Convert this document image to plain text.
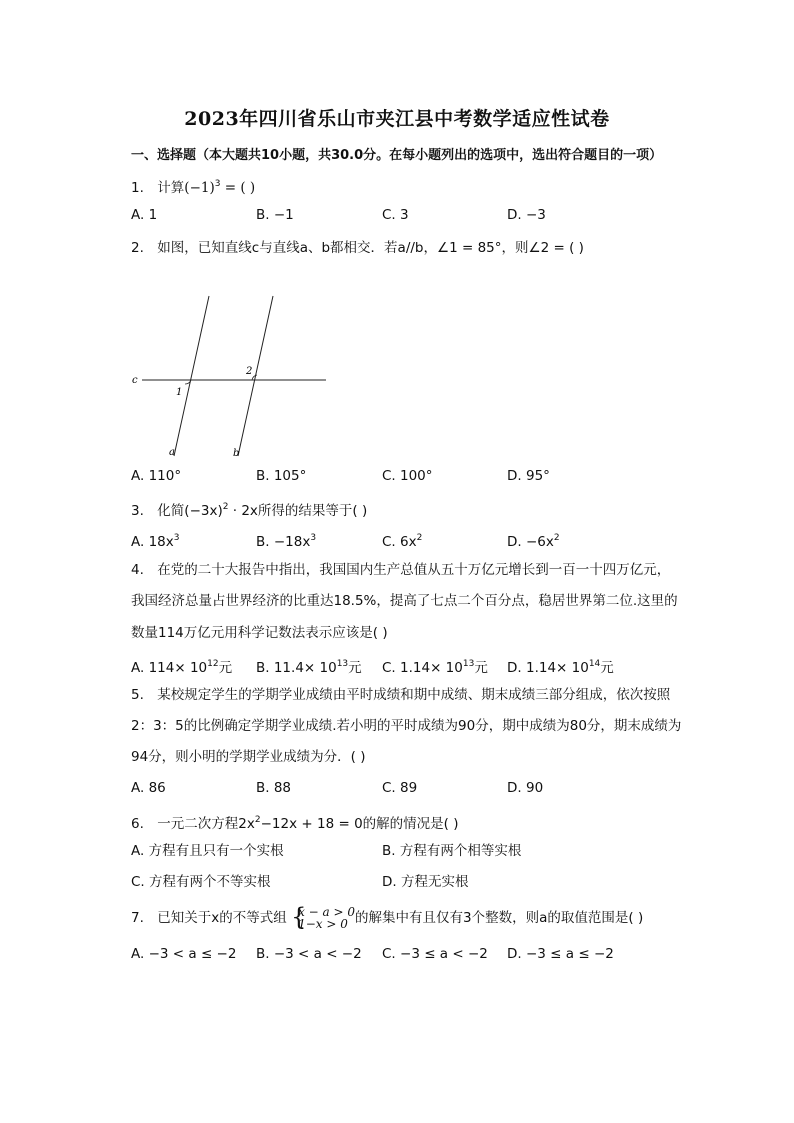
2023年四川省乐山市夹江县中考数学适应性试卷
一、选择题（本大题共10小题，共30.0分。在每小题列出的选项中，选出符合题目的一项）
1. 计算$(-1)^3$ = ( )
A. 1	B. −1	C. 3	D. −3
2. 如图，已知直线c与直线a、b都相交．若a//b，∠1 = 85°，则∠2 = ( )
c
1
2
a	b
A. 110°	B. 105°	C. 100°	D. 95°
3. 化简$(-3x)^2 \cdot 2x$所得的结果等于( )
A. $18x^3$	B. $-18x^3$	C. $6x^2$	D. $-6x^2$
4. 在党的二十大报告中指出，我国国内生产总值从五十万亿元增长到一百一十四万亿元，
我国经济总量占世界经济的比重达18.5%，提高了七点二个百分点，稳居世界第二位.这里的
数量114万亿元用科学记数法表示应该是( )
A. $114\times 10^{12}$元 B. $11.4\times 10^{13}$元 C. $1.14\times 10^{13}$元 D. $1.14\times 10^{14}$元
5. 某校规定学生的学期学业成绩由平时成绩和期中成绩、期末成绩三部分组成，依次按照
2：3：5的比例确定学期学业成绩.若小明的平时成绩为90分，期中成绩为80分，期末成绩为
94分，则小明的学期学业成绩为分．( )
A. 86	B. 88	C. 89	D. 90
6. 一元二次方程$2x^2-12x + 18 = 0$的解的情况是( )
A. 方程有且只有一个实根	B. 方程有两个相等实根
C. 方程有两个不等实根	D. 方程无实根
7. 已知关于x的不等式组 {
x − a > 0
1−x > 0 的解集中有且仅有3个整数，则a的取值范围是( )
A. −3 < a ≤ −2 B. −3 < a < −2 C. −3 ≤ a < −2 D. −3 ≤ a ≤ −2
